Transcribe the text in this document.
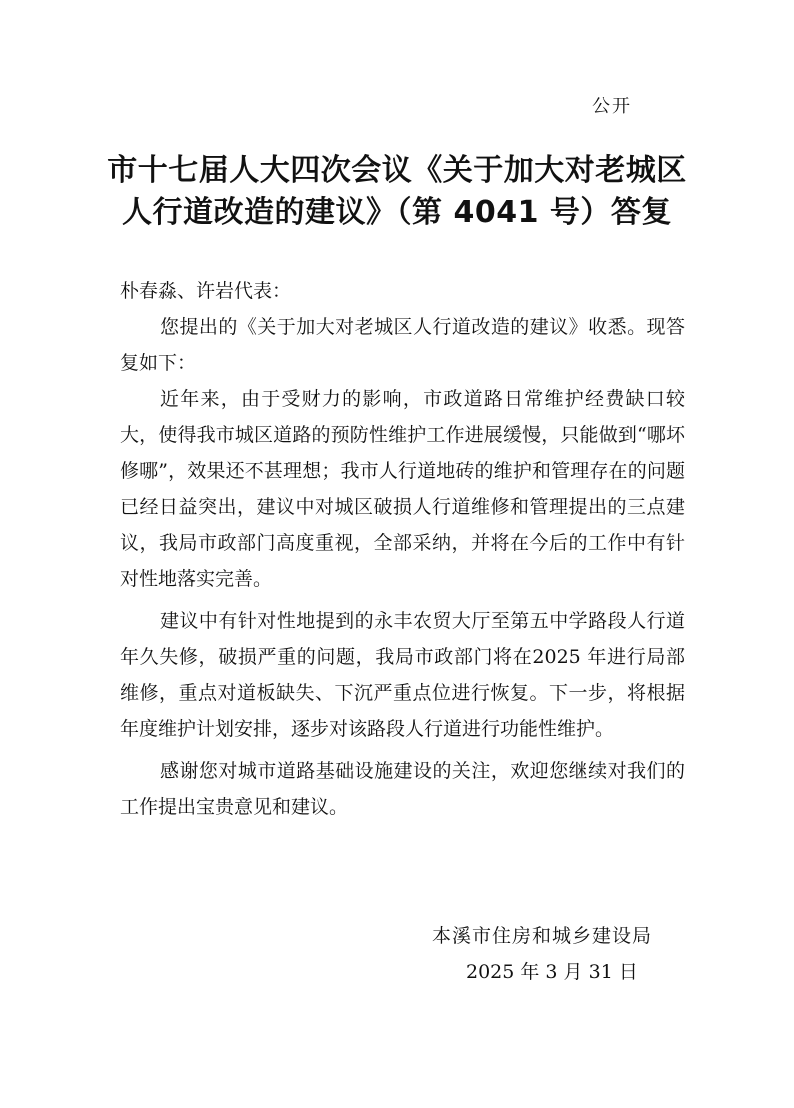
公开
市十七届人大四次会议《关于加大对老城区
人行道改造的建议》（第 4041 号）答复

朴春淼、许岩代表：

您提出的《关于加大对老城区人行道改造的建议》收悉。现答复如下：

近年来，由于受财力的影响，市政道路日常维护经费缺口较大，使得我市城区道路的预防性维护工作进展缓慢，只能做到“哪坏修哪”，效果还不甚理想；我市人行道地砖的维护和管理存在的问题已经日益突出，建议中对城区破损人行道维修和管理提出的三点建议，我局市政部门高度重视，全部采纳，并将在今后的工作中有针对性地落实完善。

建议中有针对性地提到的永丰农贸大厅至第五中学路段人行道年久失修，破损严重的问题，我局市政部门将在2025 年进行局部维修，重点对道板缺失、下沉严重点位进行恢复。下一步，将根据年度维护计划安排，逐步对该路段人行道进行功能性维护。

感谢您对城市道路基础设施建设的关注，欢迎您继续对我们的工作提出宝贵意见和建议。

本溪市住房和城乡建设局
2025 年 3 月 31 日
